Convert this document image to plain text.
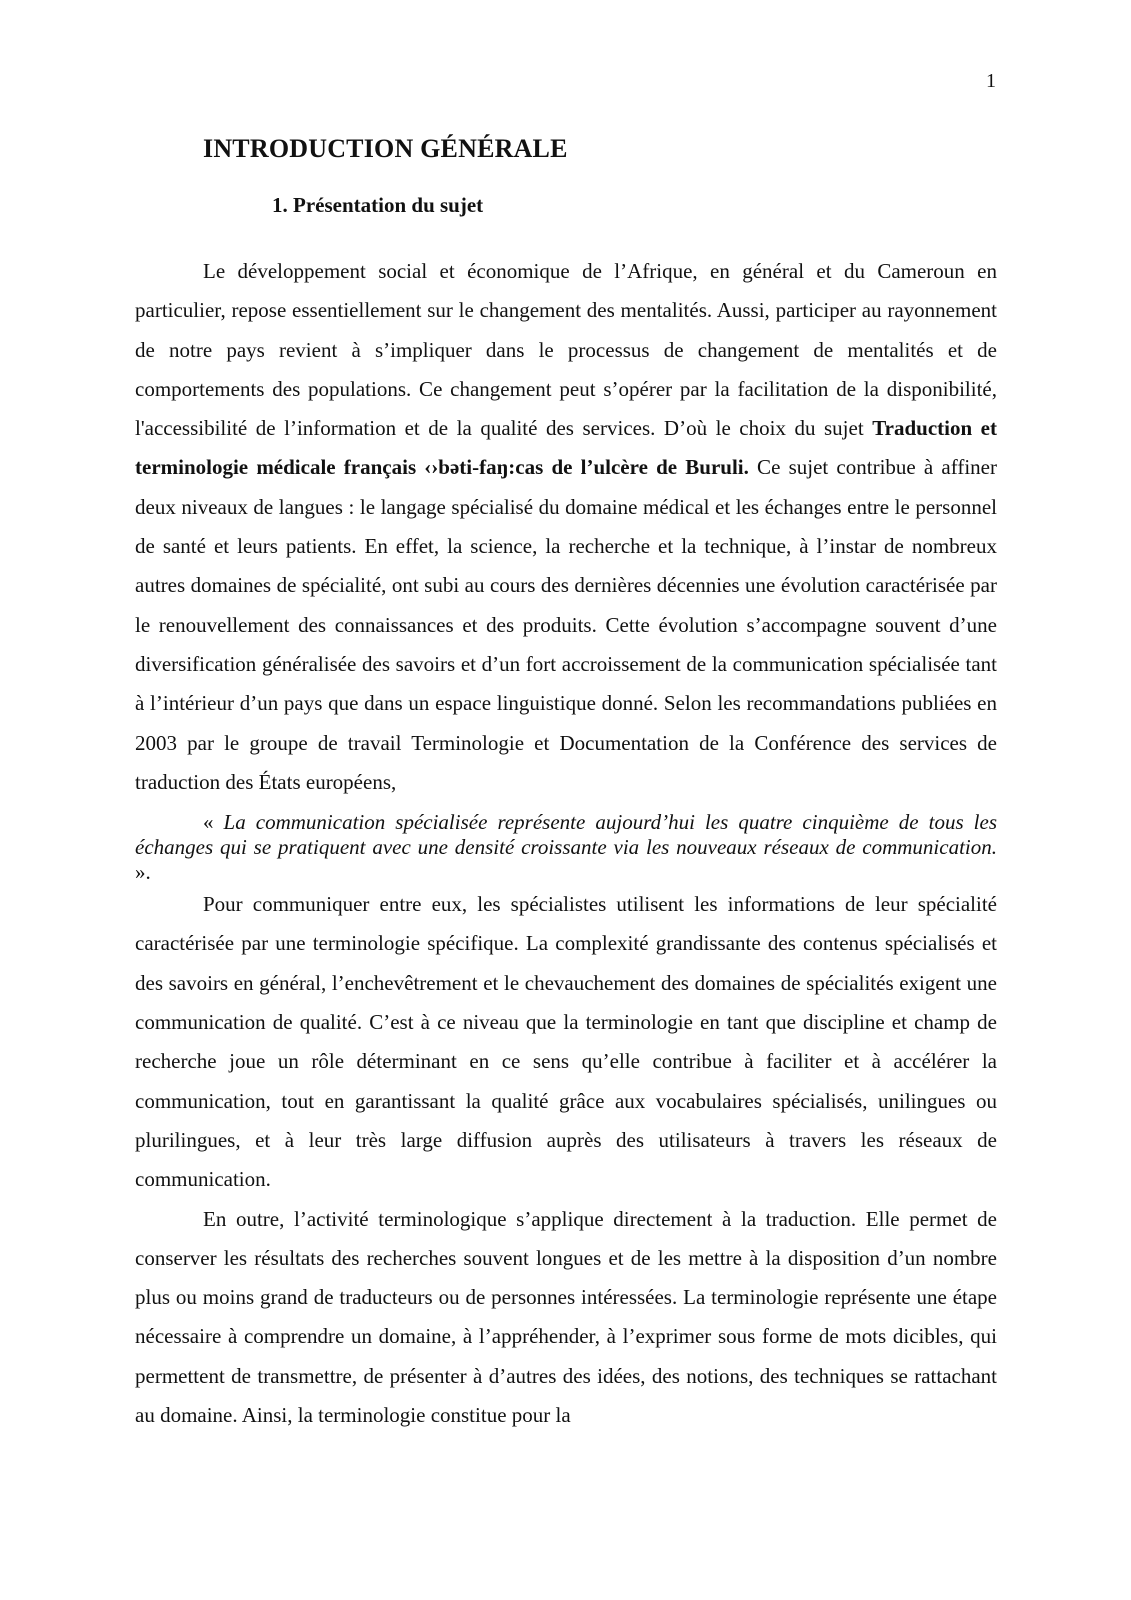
1
INTRODUCTION GÉNÉRALE
1. Présentation du sujet

Le développement social et économique de l’Afrique, en général et du Cameroun en particulier, repose essentiellement sur le changement des mentalités. Aussi, participer au rayonnement de notre pays revient à s’impliquer dans le processus de changement de mentalités et de comportements des populations. Ce changement peut s’opérer par la facilitation de la disponibilité, l'accessibilité de l’information et de la qualité des services. D’où le choix du sujet Traduction et terminologie médicale français ‹›bəti-faŋ:cas de l’ulcère de Buruli. Ce sujet contribue à affiner deux niveaux de langues : le langage spécialisé du domaine médical et les échanges entre le personnel de santé et leurs patients. En effet, la science, la recherche et la technique, à l’instar de nombreux autres domaines de spécialité, ont subi au cours des dernières décennies une évolution caractérisée par le renouvellement des connaissances et des produits. Cette évolution s’accompagne souvent d’une diversification généralisée des savoirs et d’un fort accroissement de la communication spécialisée tant à l’intérieur d’un pays que dans un espace linguistique donné. Selon les recommandations publiées en 2003 par le groupe de travail Terminologie et Documentation de la Conférence des services de traduction des États européens,

« La communication spécialisée représente aujourd’hui les quatre cinquième de tous les échanges qui se pratiquent avec une densité croissante via les nouveaux réseaux de communication. ».

Pour communiquer entre eux, les spécialistes utilisent les informations de leur spécialité caractérisée par une terminologie spécifique. La complexité grandissante des contenus spécialisés et des savoirs en général, l’enchevêtrement et le chevauchement des domaines de spécialités exigent une communication de qualité. C’est à ce niveau que la terminologie en tant que discipline et champ de recherche joue un rôle déterminant en ce sens qu’elle contribue à faciliter et à accélérer la communication, tout en garantissant la qualité grâce aux vocabulaires spécialisés, unilingues ou plurilingues, et à leur très large diffusion auprès des utilisateurs à travers les réseaux de communication.

En outre, l’activité terminologique s’applique directement à la traduction. Elle permet de conserver les résultats des recherches souvent longues et de les mettre à la disposition d’un nombre plus ou moins grand de traducteurs ou de personnes intéressées. La terminologie représente une étape nécessaire à comprendre un domaine, à l’appréhender, à l’exprimer sous forme de mots dicibles, qui permettent de transmettre, de présenter à d’autres des idées, des notions, des techniques se rattachant au domaine. Ainsi, la terminologie constitue pour la
